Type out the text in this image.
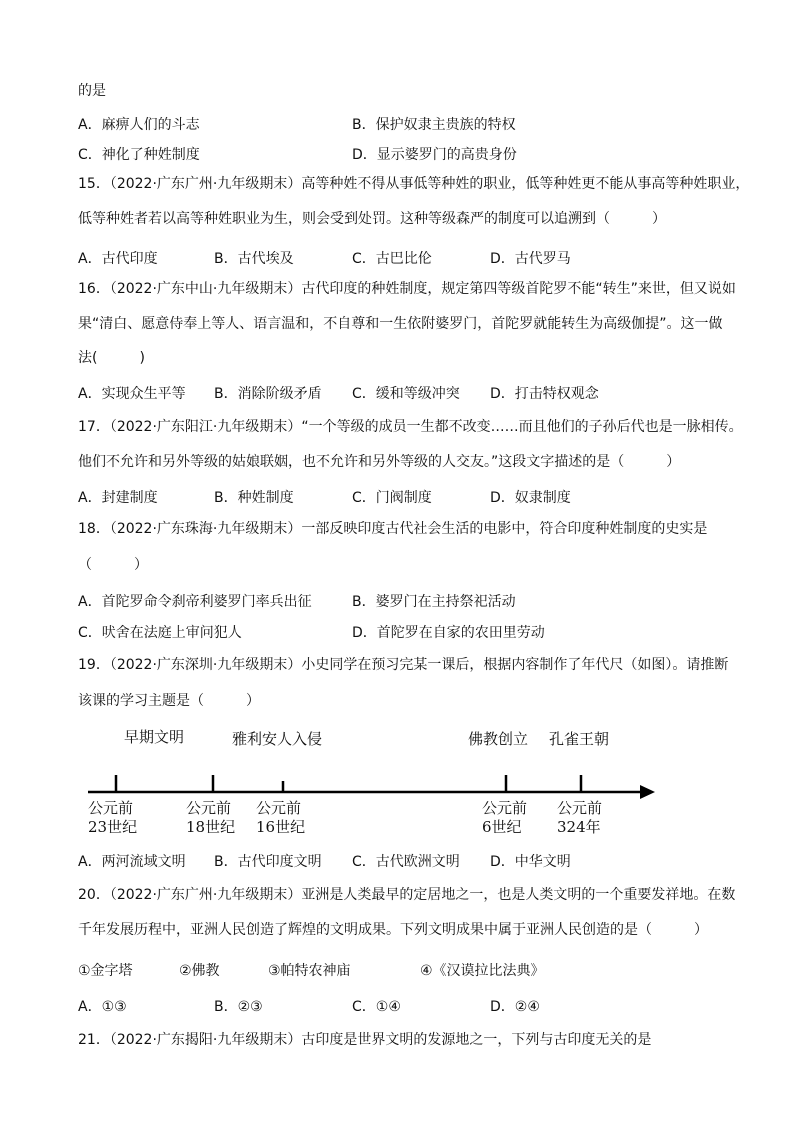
的是
15．（2022·广东广州·九年级期末）高等种姓不得从事低等种姓的职业，低等种姓更不能从事高等种姓职业，
低等种姓者若以高等种姓职业为生，则会受到处罚。这种等级森严的制度可以追溯到（　　　）
16．（2022·广东中山·九年级期末）古代印度的种姓制度，规定第四等级首陀罗不能“转生”来世，但又说如
果“清白、愿意侍奉上等人、语言温和，不自尊和一生依附婆罗门，首陀罗就能转生为高级伽提”。这一做
法(　　　)
17．（2022·广东阳江·九年级期末）“一个等级的成员一生都不改变……而且他们的子孙后代也是一脉相传。
他们不允许和另外等级的姑娘联姻，也不允许和另外等级的人交友。”这段文字描述的是（　　　）
18．（2022·广东珠海·九年级期末）一部反映印度古代社会生活的电影中，符合印度种姓制度的史实是
（　　　）
19．（2022·广东深圳·九年级期末）小史同学在预习完某一课后，根据内容制作了年代尺（如图）。请推断
该课的学习主题是（　　　）
20．（2022·广东广州·九年级期末）亚洲是人类最早的定居地之一，也是人类文明的一个重要发祥地。在数
千年发展历程中，亚洲人民创造了辉煌的文明成果。下列文明成果中属于亚洲人民创造的是（　　　）
21．（2022·广东揭阳·九年级期末）古印度是世界文明的发源地之一，下列与古印度无关的是
A．麻痹人们的斗志	B．保护奴隶主贵族的特权
C．神化了种姓制度	D．显示婆罗门的高贵身份
A．古代印度	B．古代埃及	C．古巴比伦	D．古代罗马
A．实现众生平等 B．消除阶级矛盾 C．缓和等级冲突 D．打击特权观念
A．封建制度	B．种姓制度	C．门阀制度	D．奴隶制度
A．首陀罗命令刹帝利婆罗门率兵出征	B．婆罗门在主持祭祀活动
C．吠舍在法庭上审问犯人	D．首陀罗在自家的农田里劳动
A．两河流域文明 B．古代印度文明 C．古代欧洲文明 D．中华文明
①金字塔	②佛教	③帕特农神庙	④《汉谟拉比法典》
A．①③	B．②③	C．①④	D．②④
早期文明	雅利安人入侵	佛教创立 孔雀王朝
公元前
23世纪
公元前
18世纪
公元前
16世纪
公元前
6世纪
公元前
324年
